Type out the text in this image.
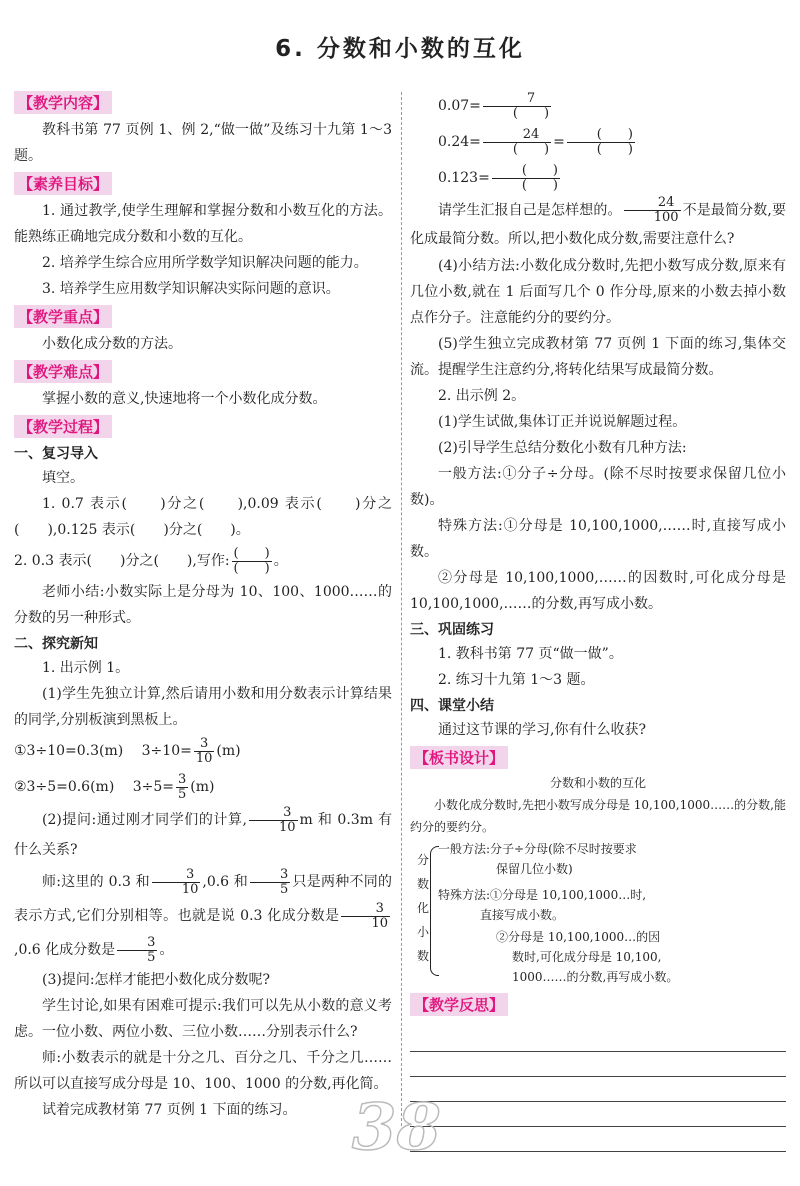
6. 分数和小数的互化
【教学内容】

教科书第 77 页例 1、例 2,“做一做”及练习十九第 1～3 题。

【素养目标】

1. 通过教学,使学生理解和掌握分数和小数互化的方法。能熟练正确地完成分数和小数的互化。

2. 培养学生综合应用所学数学知识解决问题的能力。

3. 培养学生应用数学知识解决实际问题的意识。

【教学重点】

小数化成分数的方法。

【教学难点】

掌握小数的意义,快速地将一个小数化成分数。

【教学过程】
一、复习导入

填空。

1. 0.7 表示(　　)分之(　　),0.09 表示(　　)分之(　　),0.125 表示(　　)分之(　　)。

2. 0.3 表示(　　)分之(　　),写作: $\frac{( )}{( )}$ 。

老师小结:小数实际上是分母为 10、100、1000……的分数的另一种形式。

二、探究新知

1. 出示例 1。

(1)学生先独立计算,然后请用小数和用分数表示计算结果的同学,分别板演到黑板上。

①3÷10=0.3(m)　 $3\div 10= \frac{3}{10} (m)$

②3÷5=0.6(m)　 $3\div 5= \frac{3}{5} (m)$

(2)提问:通过刚才同学们的计算, $\frac{3}{10}$ m 和 0.3m 有什么关系?

师:这里的 0.3 和 $\frac{3}{10} ,0.6$ 和 $\frac{3}{5}$ 只是两种不同的表示方式,它们分别相等。也就是说 0.3 化成分数是 $\frac{3}{10}$
,0.6 化成分数是 $\frac{3}{5}$ 。

(3)提问:怎样才能把小数化成分数呢?

学生讨论,如果有困难可提示:我们可以先从小数的意义考虑。一位小数、两位小数、三位小数……分别表示什么?

师:小数表示的就是十分之几、百分之几、千分之几……所以可以直接写成分母是 10、100、1000 的分数,再化简。

试着完成教材第 77 页例 1 下面的练习。

$0.07= \frac{7}{( )}$

$0.24= \frac{24}{( )} = \frac{( )}{( )}$

$0.123= \frac{( )}{( )}$

请学生汇报自己是怎样想的。 $\frac{24}{100}$ 不是最简分数,要化成最简分数。所以,把小数化成分数,需要注意什么?

(4)小结方法:小数化成分数时,先把小数写成分数,原来有几位小数,就在 1 后面写几个 0 作分母,原来的小数去掉小数点作分子。注意能约分的要约分。

(5)学生独立完成教材第 77 页例 1 下面的练习,集体交流。提醒学生注意约分,将转化结果写成最简分数。

2. 出示例 2。

(1)学生试做,集体订正并说说解题过程。

(2)引导学生总结分数化小数有几种方法:

一般方法:①分子÷分母。(除不尽时按要求保留几位小数)。

特殊方法:①分母是 10,100,1000,……时,直接写成小数。

②分母是 10,100,1000,……的因数时,可化成分母是 10,100,1000,……的分数,再写成小数。

三、巩固练习

1. 教科书第 77 页“做一做”。

2. 练习十九第 1～3 题。

四、课堂小结

通过这节课的学习,你有什么收获?

【板书设计】
分数和小数的互化

小数化成分数时,先把小数写成分母是 10,100,1000……的分数,能约分的要约分。

分
数
化
小
数
一般方法:分子÷分母(除不尽时按要求
保留几位小数)
特殊方法:①分母是 10,100,1000…时,
直接写成小数。
②分母是 10,100,1000…的因
数时,可化成分母是 10,100,
1000……的分数,再写成小数。
【教学反思】
38
